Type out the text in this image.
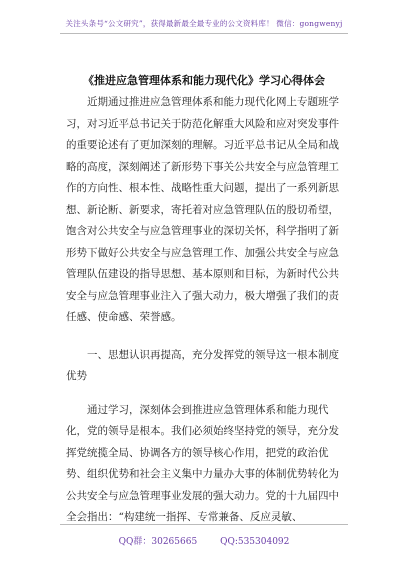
关注头条号“公文研究”，获得最新最全最专业的公文资料库！ 微信：gongwenyj
《推进应急管理体系和能力现代化》学习心得体会

近期通过推进应急管理体系和能力现代化网上专题班学习，对习近平总书记关于防范化解重大风险和应对突发事件的重要论述有了更加深刻的理解。习近平总书记从全局和战略的高度，深刻阐述了新形势下事关公共安全与应急管理工作的方向性、根本性、战略性重大问题，提出了一系列新思想、新论断、新要求，寄托着对应急管理队伍的殷切希望，饱含对公共安全与应急管理事业的深切关怀，科学指明了新形势下做好公共安全与应急管理工作、加强公共安全与应急管理队伍建设的指导思想、基本原则和目标，为新时代公共安全与应急管理事业注入了强大动力，极大增强了我们的责任感、使命感、荣誉感。

一、思想认识再提高，充分发挥党的领导这一根本制度优势

通过学习，深刻体会到推进应急管理体系和能力现代化，党的领导是根本。我们必须始终坚持党的领导，充分发挥党统揽全局、协调各方的领导核心作用，把党的政治优势、组织优势和社会主义集中力量办大事的体制优势转化为公共安全与应急管理事业发展的强大动力。党的十九届四中全会指出：“构建统一指挥、专常兼备、反应灵敏、

QQ群：30265665	QQ:535304092
